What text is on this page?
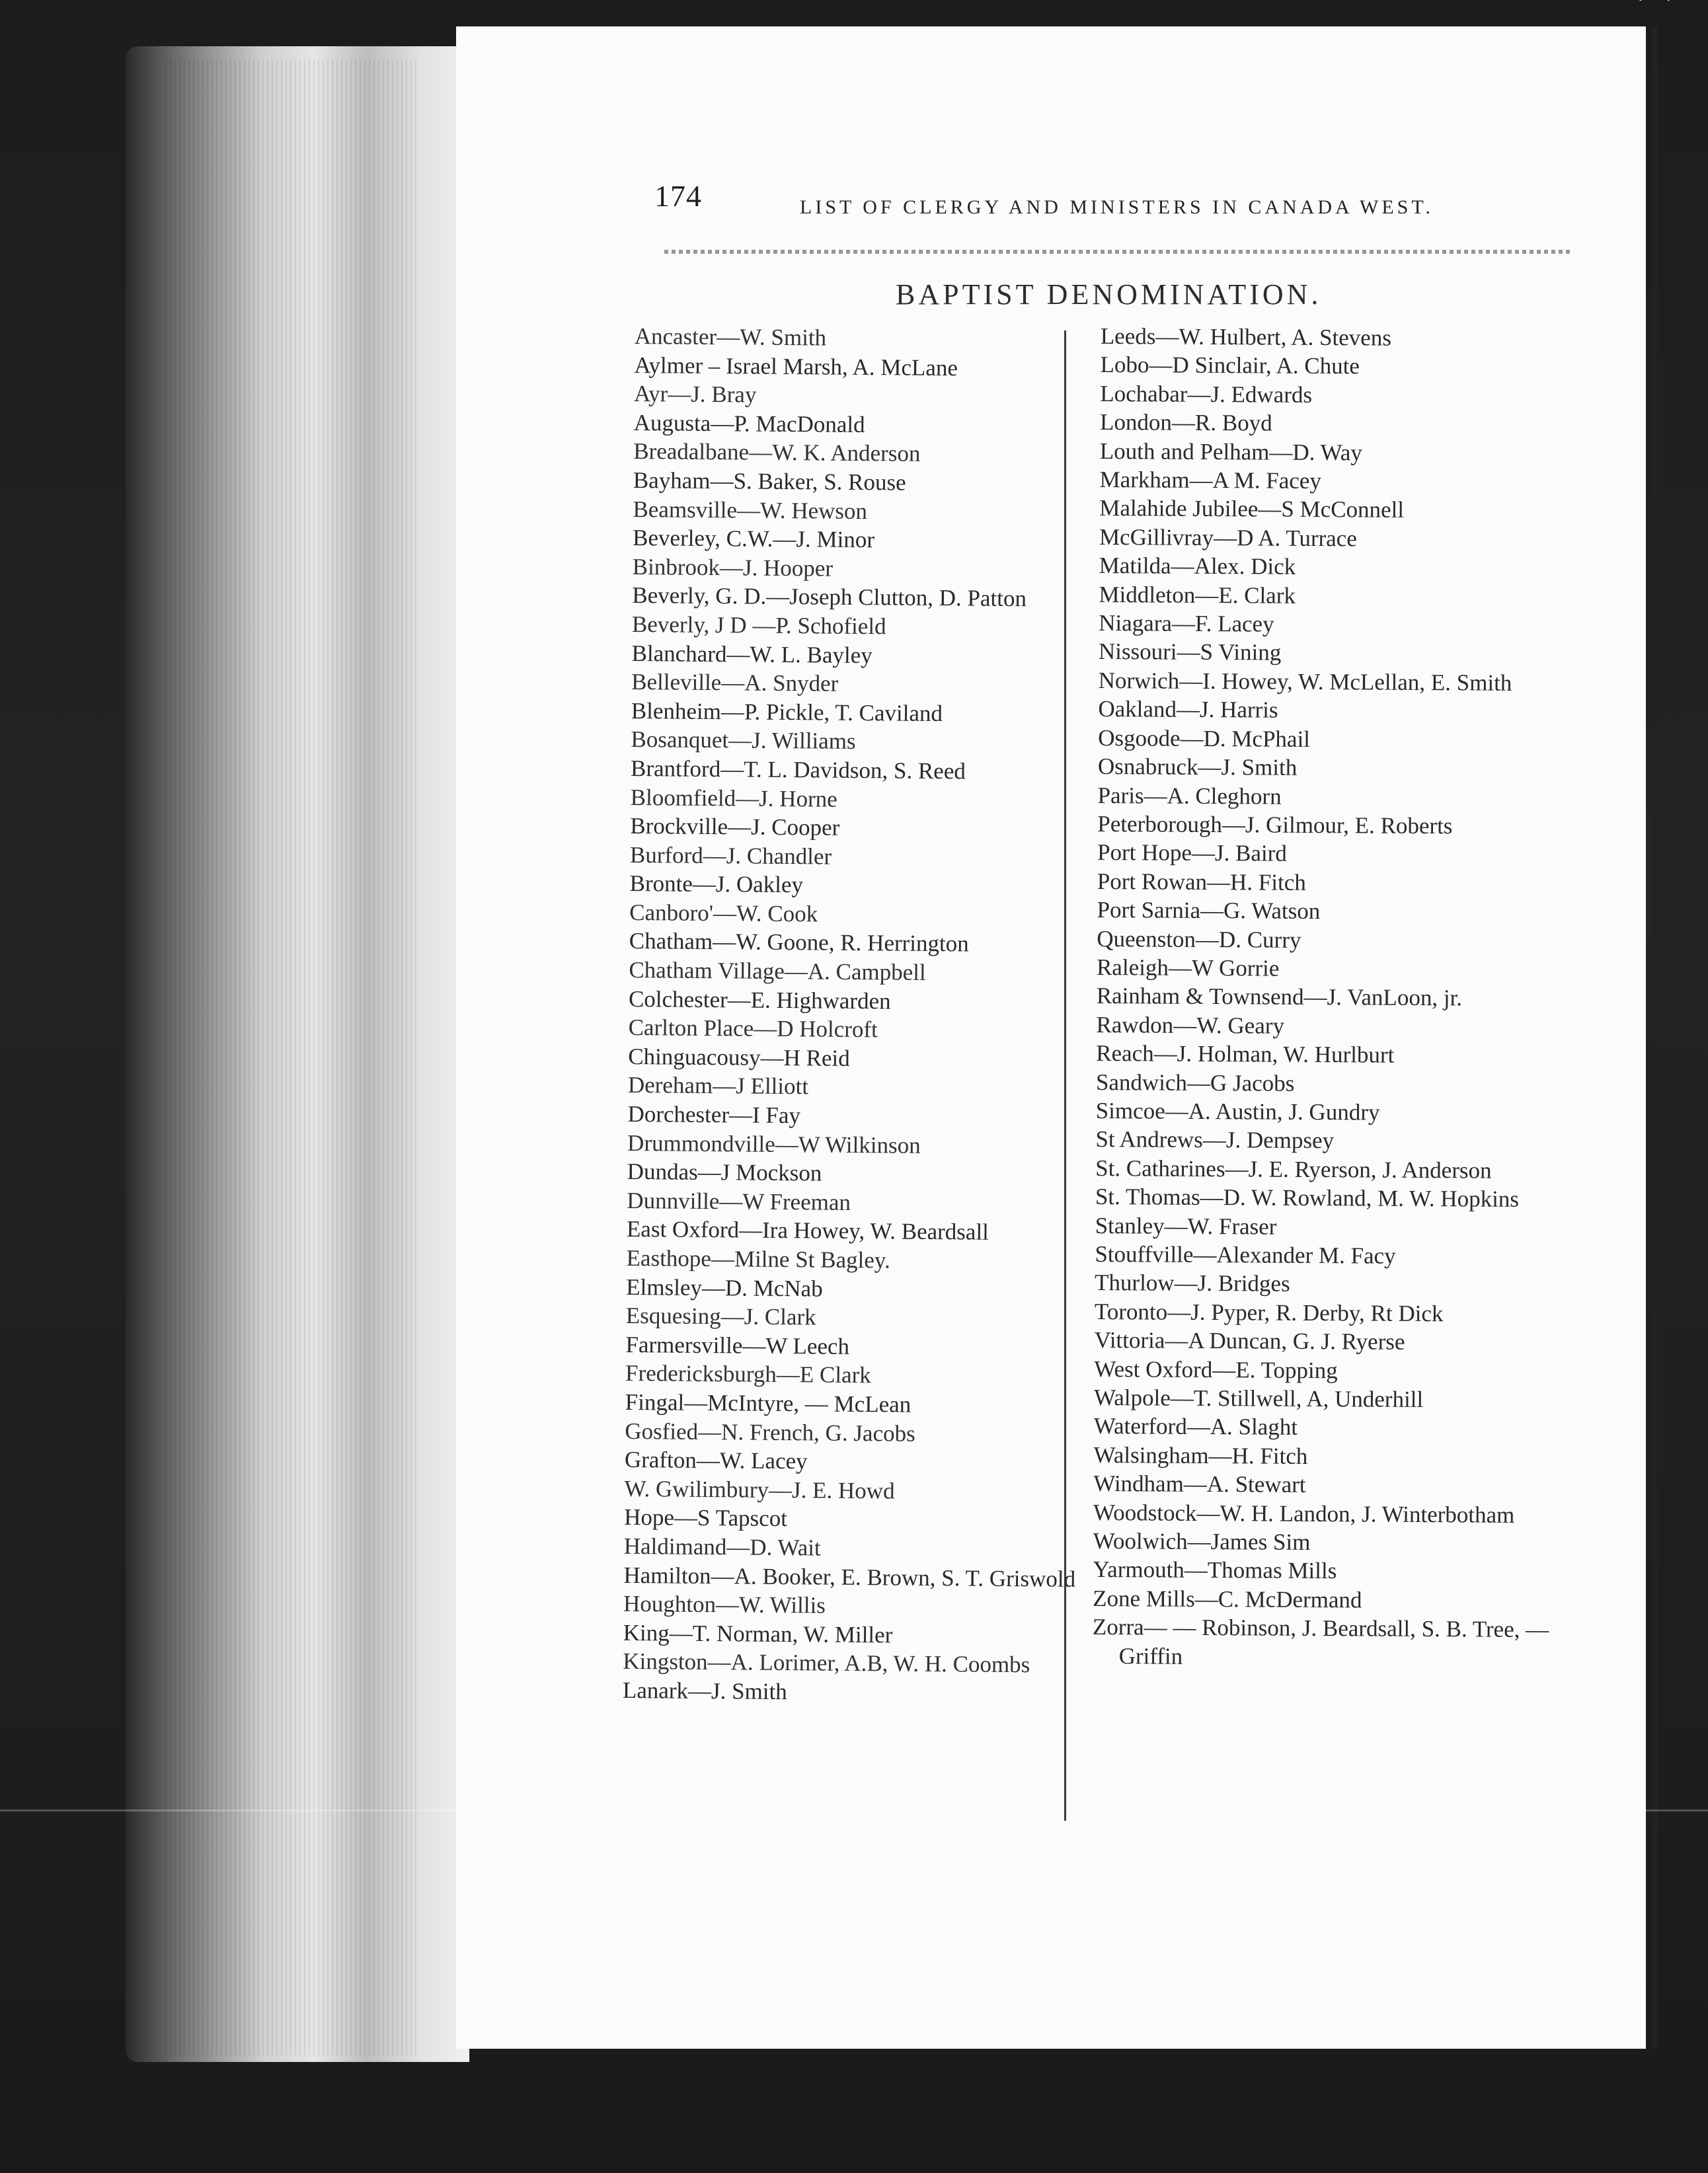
174	LIST OF CLERGY AND MINISTERS IN CANADA WEST.
BAPTIST DENOMINATION.
Ancaster—W. Smith
Aylmer – Israel Marsh, A. McLane
Ayr—J. Bray
Augusta—P. MacDonald
Breadalbane—W. K. Anderson
Bayham—S. Baker, S. Rouse
Beamsville—W. Hewson
Beverley, C.W.—J. Minor
Binbrook—J. Hooper
Beverly, G. D.—Joseph Clutton, D. Patton
Beverly, J D —P. Schofield
Blanchard—W. L. Bayley
Belleville—A. Snyder
Blenheim—P. Pickle, T. Caviland
Bosanquet—J. Williams
Brantford—T. L. Davidson, S. Reed
Bloomfield—J. Horne
Brockville—J. Cooper
Burford—J. Chandler
Bronte—J. Oakley
Canboro'—W. Cook
Chatham—W. Goone, R. Herrington
Chatham Village—A. Campbell
Colchester—E. Highwarden
Carlton Place—D Holcroft
Chinguacousy—H Reid
Dereham—J Elliott
Dorchester—I Fay
Drummondville—W Wilkinson
Dundas—J Mockson
Dunnville—W Freeman
East Oxford—Ira Howey, W. Beardsall
Easthope—Milne St Bagley.
Elmsley—D. McNab
Esquesing—J. Clark
Farmersville—W Leech
Fredericksburgh—E Clark
Fingal—McIntyre, — McLean
Gosfied—N. French, G. Jacobs
Grafton—W. Lacey
W. Gwilimbury—J. E. Howd
Hope—S Tapscot
Haldimand—D. Wait
Hamilton—A. Booker, E. Brown, S. T. Griswold
Houghton—W. Willis
King—T. Norman, W. Miller
Kingston—A. Lorimer, A.B, W. H. Coombs
Lanark—J. Smith
Leeds—W. Hulbert, A. Stevens
Lobo—D Sinclair, A. Chute
Lochabar—J. Edwards
London—R. Boyd
Louth and Pelham—D. Way
Markham—A M. Facey
Malahide Jubilee—S McConnell
McGillivray—D A. Turrace
Matilda—Alex. Dick
Middleton—E. Clark
Niagara—F. Lacey
Nissouri—S Vining
Norwich—I. Howey, W. McLellan, E. Smith
Oakland—J. Harris
Osgoode—D. McPhail
Osnabruck—J. Smith
Paris—A. Cleghorn
Peterborough—J. Gilmour, E. Roberts
Port Hope—J. Baird
Port Rowan—H. Fitch
Port Sarnia—G. Watson
Queenston—D. Curry
Raleigh—W Gorrie
Rainham & Townsend—J. VanLoon, jr.
Rawdon—W. Geary
Reach—J. Holman, W. Hurlburt
Sandwich—G Jacobs
Simcoe—A. Austin, J. Gundry
St Andrews—J. Dempsey
St. Catharines—J. E. Ryerson, J. Anderson
St. Thomas—D. W. Rowland, M. W. Hopkins
Stanley—W. Fraser
Stouffville—Alexander M. Facy
Thurlow—J. Bridges
Toronto—J. Pyper, R. Derby, Rt Dick
Vittoria—A Duncan, G. J. Ryerse
West Oxford—E. Topping
Walpole—T. Stillwell, A, Underhill
Waterford—A. Slaght
Walsingham—H. Fitch
Windham—A. Stewart
Woodstock—W. H. Landon, J. Winterbotham
Woolwich—James Sim
Yarmouth—Thomas Mills
Zone Mills—C. McDermand
Zorra— — Robinson, J. Beardsall, S. B. Tree, — Griffin
